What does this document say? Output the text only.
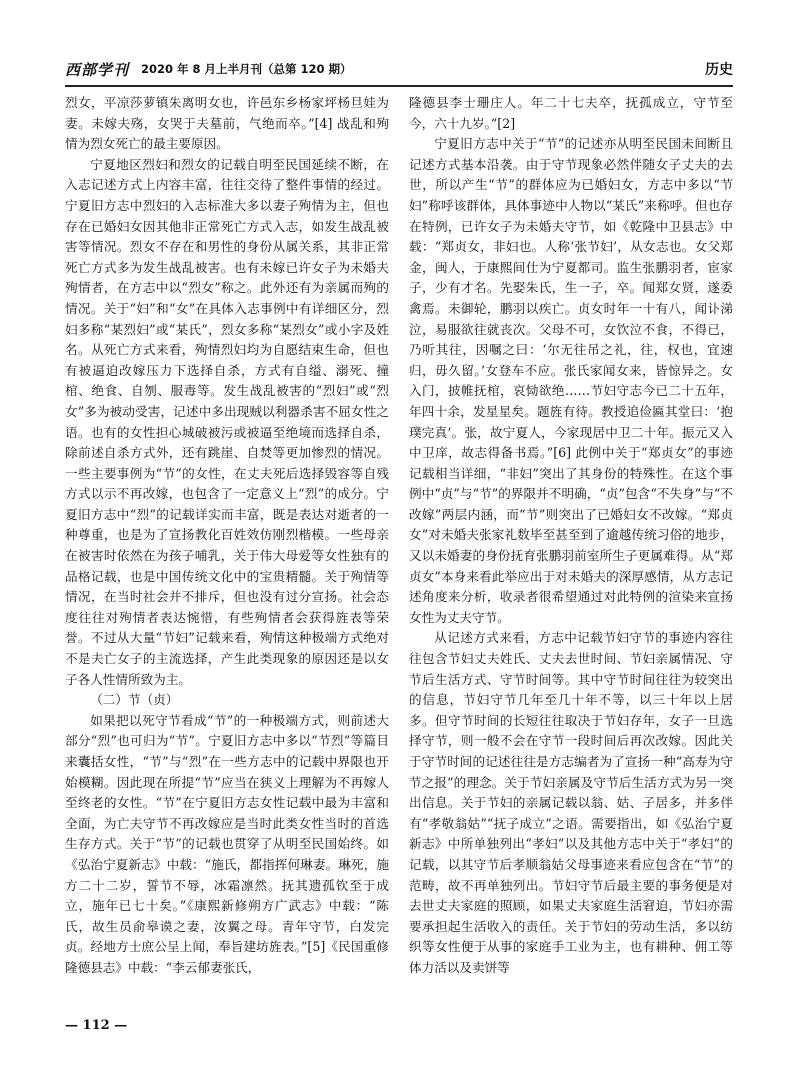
西部学刊 2020 年 8 月上半月刊（总第 120 期）	历史

烈女，平凉莎萝镇朱离明女也，许邑东乡杨家坪杨旦娃为妻。未嫁夫殇，女哭于夫墓前，气绝而卒。”[4] 战乱和殉情为烈女死亡的最主要原因。

宁夏地区烈妇和烈女的记载自明至民国延续不断，在入志记述方式上内容丰富，往往交待了整件事情的经过。宁夏旧方志中烈妇的入志标准大多以妻子殉情为主，但也存在已婚妇女因其他非正常死亡方式入志，如发生战乱被害等情况。烈女不存在和男性的身份从属关系，其非正常死亡方式多为发生战乱被害。也有未嫁已许女子为未婚夫殉情者，在方志中以“烈女”称之。此外还有为亲属而殉的情况。关于“妇”和“女”在具体入志事例中有详细区分，烈妇多称“某烈妇”或“某氏”，烈女多称“某烈女”或小字及姓名。从死亡方式来看，殉情烈妇均为自愿结束生命，但也有被逼迫改嫁压力下选择自杀，方式有自缢、溺死、撞棺、绝食、自刎、服毒等。发生战乱被害的“烈妇”或“烈女”多为被动受害，记述中多出现贼以利器杀害不屈女性之语。也有的女性担心城破被污或被逼至绝境而选择自杀，除前述自杀方式外，还有跳崖、自焚等更加惨烈的情况。一些主要事例为“节”的女性，在丈夫死后选择毁容等自残方式以示不再改嫁，也包含了一定意义上“烈”的成分。宁夏旧方志中“烈”的记载详实而丰富，既是表达对逝者的一种尊重，也是为了宣扬教化百姓效仿刚烈楷模。一些母亲在被害时依然在为孩子哺乳，关于伟大母爱等女性独有的品格记载，也是中国传统文化中的宝贵精髓。关于殉情等情况，在当时社会并不排斥，但也没有过分宣扬。社会态度往往对殉情者表达惋惜，有些殉情者会获得旌表等荣誉。不过从大量“节妇”记载来看，殉情这种极端方式绝对不是夫亡女子的主流选择，产生此类现象的原因还是以女子各人性情所致为主。

（二）节（贞）

如果把以死守节看成“节”的一种极端方式，则前述大部分“烈”也可归为“节”。宁夏旧方志中多以“节烈”等篇目来囊括女性，“节”与“烈”在一些方志中的记载中界限也开始模糊。因此现在所提“节”应当在狭义上理解为不再嫁人至终老的女性。“节”在宁夏旧方志女性记载中最为丰富和全面，为亡夫守节不再改嫁应是当时此类女性当时的首选生存方式。关于“节”的记载也贯穿了从明至民国始终。如《弘治宁夏新志》中载：“施氏，都指挥何琳妻。琳死，施方二十二岁，誓节不辱，冰霜凛然。抚其遗孤钦至于成立，施年已七十矣。”《康熙新修朔方广武志》中载：“陈氏，故生员俞皋谟之妻，汝翼之母。青年守节，白发完贞。经地方士庶公呈上闻，奉旨建坊旌表。”[5]《民国重修隆德县志》中载：“李云郁妻张氏，

隆德县李士珊庄人。年二十七夫卒，抚孤成立，守节至今，六十九岁。”[2]

宁夏旧方志中关于“节”的记述亦从明至民国未间断且记述方式基本沿袭。由于守节现象必然伴随女子丈夫的去世，所以产生“节”的群体应为已婚妇女，方志中多以“节妇”称呼该群体，具体事迹中人物以“某氏”来称呼。但也存在特例，已许女子为未婚夫守节，如《乾隆中卫县志》中载：“郑贞女，非妇也。人称‘张节妇’，从女志也。女父郑金，闽人，于康熙间仕为宁夏都司。监生张鹏羽者，宦家子，少有才名。先娶朱氏，生一子，卒。闻郑女贤，遂委禽焉。未御轮，鹏羽以疾亡。贞女时年一十有八，闻讣涕泣，易服欲往就丧次。父母不可，女饮泣不食，不得已，乃听其往，因嘱之曰：‘尔无往吊之礼，往，权也，宜速归，毋久留。’女登车不应。张氏家闻女来，皆惊异之。女入门，披帷抚棺，哀恸欲绝……节妇守志今已二十五年，年四十余，发星星矣。题旌有待。教授追俭匾其堂曰：‘抱璞完真’。张，故宁夏人，今家现居中卫二十年。振元又入中卫庠，故志得备书焉。”[6] 此例中关于“郑贞女”的事迹记载相当详细，“非妇”突出了其身份的特殊性。在这个事例中“贞”与“节”的界限并不明确，“贞”包含“不失身”与“不改嫁”两层内涵，而“节”则突出了已婚妇女不改嫁。“郑贞女”对未婚夫张家礼数毕至甚至到了逾越传统习俗的地步，又以未婚妻的身份抚育张鹏羽前室所生子更属难得。从“郑贞女”本身来看此举应出于对未婚夫的深厚感情，从方志记述角度来分析，收录者很希望通过对此特例的渲染来宣扬女性为丈夫守节。

从记述方式来看，方志中记载节妇守节的事迹内容往往包含节妇丈夫姓氏、丈夫去世时间、节妇亲属情况、守节后生活方式、守节时间等。其中守节时间往往为较突出的信息，节妇守节几年至几十年不等，以三十年以上居多。但守节时间的长短往往取决于节妇存年，女子一旦选择守节，则一般不会在守节一段时间后再次改嫁。因此关于守节时间的记述往往是方志编者为了宣扬一种“高寿为守节之报”的理念。关于节妇亲属及守节后生活方式为另一突出信息。关于节妇的亲属记载以翁、姑、子居多，并多伴有“孝敬翁姑”“抚子成立”之语。需要指出，如《弘治宁夏新志》中所单独列出“孝妇”以及其他方志中关于“孝妇”的记载，以其守节后孝顺翁姑父母事迹来看应包含在“节”的范畴，故不再单独列出。节妇守节后最主要的事务便是对去世丈夫家庭的照顾，如果丈夫家庭生活窘迫，节妇亦需要承担起生活收入的责任。关于节妇的劳动生活，多以纺织等女性便于从事的家庭手工业为主，也有耕种、佣工等体力活以及卖饼等

— 112 —
